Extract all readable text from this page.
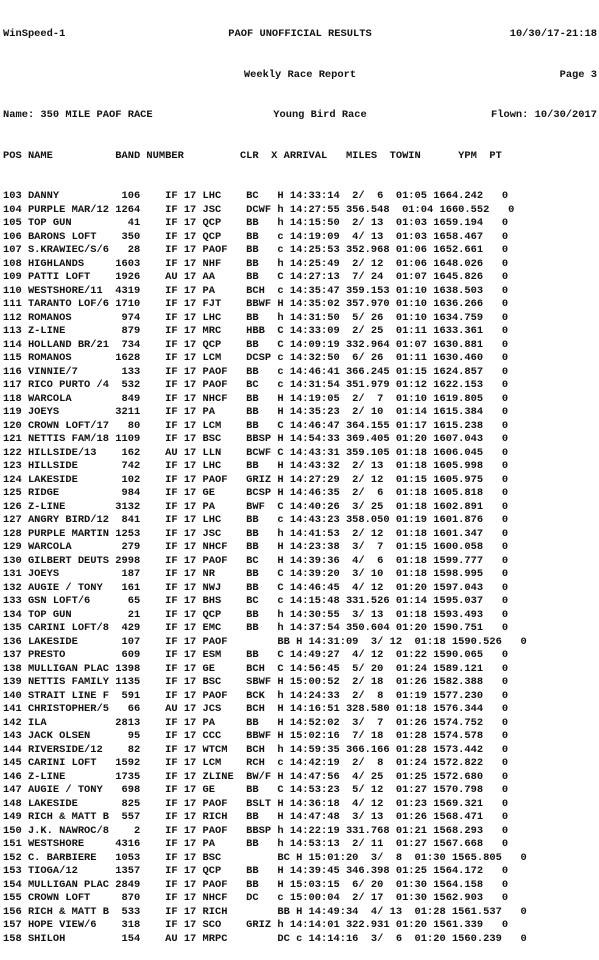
WinSpeed-1	PAOF UNOFFICIAL RESULTS	10/30/17-21:18

Weekly Race Report	Page 3

Name: 350 MILE PAOF RACE	Young Bird Race	Flown: 10/30/2017

POS NAME          BAND NUMBER         CLR  X ARRIVAL   MILES  TOWIN      YPM  PT

103 DANNY          106    IF 17 LHC    BC   H 14:33:14  2/  6  01:05 1664.242   0
104 PURPLE MAR/12 1264    IF 17 JSC    DCWF h 14:27:55 356.548  01:04 1660.552   0
105 TOP GUN         41    IF 17 QCP    BB   h 14:15:50  2/ 13  01:03 1659.194   0
106 BARONS LOFT    350    IF 17 QCP    BB   c 14:19:09  4/ 13  01:03 1658.467   0
107 S.KRAWIEC/S/6   28    IF 17 PAOF   BB   c 14:25:53 352.968 01:06 1652.661   0
108 HIGHLANDS     1603    IF 17 NHF    BB   h 14:25:49  2/ 12  01:06 1648.026   0
109 PATTI LOFT    1926    AU 17 AA     BB   C 14:27:13  7/ 24  01:07 1645.826   0
110 WESTSHORE/11  4319    IF 17 PA     BCH  c 14:35:47 359.153 01:10 1638.503   0
111 TARANTO LOF/6 1710    IF 17 FJT    BBWF H 14:35:02 357.970 01:10 1636.266   0
112 ROMANOS        974    IF 17 LHC    BB   h 14:31:50  5/ 26  01:10 1634.759   0
113 Z-LINE         879    IF 17 MRC    HBB  C 14:33:09  2/ 25  01:11 1633.361   0
114 HOLLAND BR/21  734    IF 17 QCP    BB   C 14:09:19 332.964 01:07 1630.881   0
115 ROMANOS       1628    IF 17 LCM    DCSP c 14:32:50  6/ 26  01:11 1630.460   0
116 VINNIE/7       133    IF 17 PAOF   BB   c 14:46:41 366.245 01:15 1624.857   0
117 RICO PURTO /4  532    IF 17 PAOF   BC   c 14:31:54 351.979 01:12 1622.153   0
118 WARCOLA        849    IF 17 NHCF   BB   H 14:19:05  2/  7  01:10 1619.805   0
119 JOEYS         3211    IF 17 PA     BB   H 14:35:23  2/ 10  01:14 1615.384   0
120 CROWN LOFT/17   80    IF 17 LCM    BB   C 14:46:47 364.155 01:17 1615.238   0
121 NETTIS FAM/18 1109    IF 17 BSC    BBSP H 14:54:33 369.405 01:20 1607.043   0
122 HILLSIDE/13    162    AU 17 LLN    BCWF C 14:43:31 359.105 01:18 1606.045   0
123 HILLSIDE       742    IF 17 LHC    BB   H 14:43:32  2/ 13  01:18 1605.998   0
124 LAKESIDE       102    IF 17 PAOF   GRIZ H 14:27:29  2/ 12  01:15 1605.975   0
125 RIDGE          984    IF 17 GE     BCSP H 14:46:35  2/  6  01:18 1605.818   0
126 Z-LINE        3132    IF 17 PA     BWF  C 14:40:26  3/ 25  01:18 1602.891   0
127 ANGRY BIRD/12  841    IF 17 LHC    BB   c 14:43:23 358.050 01:19 1601.876   0
128 PURPLE MARTIN 1253    IF 17 JSC    BB   h 14:41:53  2/ 12  01:18 1601.347   0
129 WARCOLA        279    IF 17 NHCF   BB   H 14:23:38  3/  7  01:15 1600.058   0
130 GILBERT DEUTS 2998    IF 17 PAOF   BC   H 14:39:36  4/  6  01:18 1599.777   0
131 JOEYS          187    IF 17 NR     BB   C 14:39:20  3/ 10  01:18 1598.995   0
132 AUGIE / TONY   161    IF 17 NWJ    BB   C 14:46:45  4/ 12  01:20 1597.043   0
133 GSN LOFT/6      65    IF 17 BHS    BC   c 14:15:48 331.526 01:14 1595.037   0
134 TOP GUN         21    IF 17 QCP    BB   h 14:30:55  3/ 13  01:18 1593.493   0
135 CARINI LOFT/8  429    IF 17 EMC    BB   h 14:37:54 350.604 01:20 1590.751   0
136 LAKESIDE       107    IF 17 PAOF        BB H 14:31:09  3/ 12  01:18 1590.526   0
137 PRESTO         609    IF 17 ESM    BB   C 14:49:27  4/ 12  01:22 1590.065   0
138 MULLIGAN PLAC 1398    IF 17 GE     BCH  C 14:56:45  5/ 20  01:24 1589.121   0
139 NETTIS FAMILY 1135    IF 17 BSC    SBWF H 15:00:52  2/ 18  01:26 1582.388   0
140 STRAIT LINE F  591    IF 17 PAOF   BCK  h 14:24:33  2/  8  01:19 1577.230   0
141 CHRISTOPHER/5   66    AU 17 JCS    BCH  H 14:16:51 328.580 01:18 1576.344   0
142 ILA           2813    IF 17 PA     BB   H 14:52:02  3/  7  01:26 1574.752   0
143 JACK OLSEN      95    IF 17 CCC    BBWF H 15:02:16  7/ 18  01:28 1574.578   0
144 RIVERSIDE/12    82    IF 17 WTCM   BCH  h 14:59:35 366.166 01:28 1573.442   0
145 CARINI LOFT   1592    IF 17 LCM    RCH  c 14:42:19  2/  8  01:24 1572.822   0
146 Z-LINE        1735    IF 17 ZLINE  BW/F H 14:47:56  4/ 25  01:25 1572.680   0
147 AUGIE / TONY   698    IF 17 GE     BB   C 14:53:23  5/ 12  01:27 1570.798   0
148 LAKESIDE       825    IF 17 PAOF   BSLT H 14:36:18  4/ 12  01:23 1569.321   0
149 RICH & MATT B  557    IF 17 RICH   BB   H 14:47:48  3/ 13  01:26 1568.471   0
150 J.K. NAWROC/8    2    IF 17 PAOF   BBSP h 14:22:19 331.768 01:21 1568.293   0
151 WESTSHORE     4316    IF 17 PA     BB   h 14:53:13  2/ 11  01:27 1567.668   0
152 C. BARBIERE   1053    IF 17 BSC         BC H 15:01:20  3/  8  01:30 1565.805   0
153 TIOGA/12      1357    IF 17 QCP    BB   H 14:39:45 346.398 01:25 1564.172   0
154 MULLIGAN PLAC 2849    IF 17 PAOF   BB   H 15:03:15  6/ 20  01:30 1564.158   0
155 CROWN LOFT     870    IF 17 NHCF   DC   c 15:00:04  2/ 17  01:30 1562.903   0
156 RICH & MATT B  533    IF 17 RICH        BB H 14:49:34  4/ 13  01:28 1561.537   0
157 HOPE VIEW/6    318    IF 17 SCO    GRIZ h 14:14:01 322.931 01:20 1561.339   0
158 SHILOH         154    AU 17 MRPC        DC c 14:14:16  3/  6  01:20 1560.239   0
